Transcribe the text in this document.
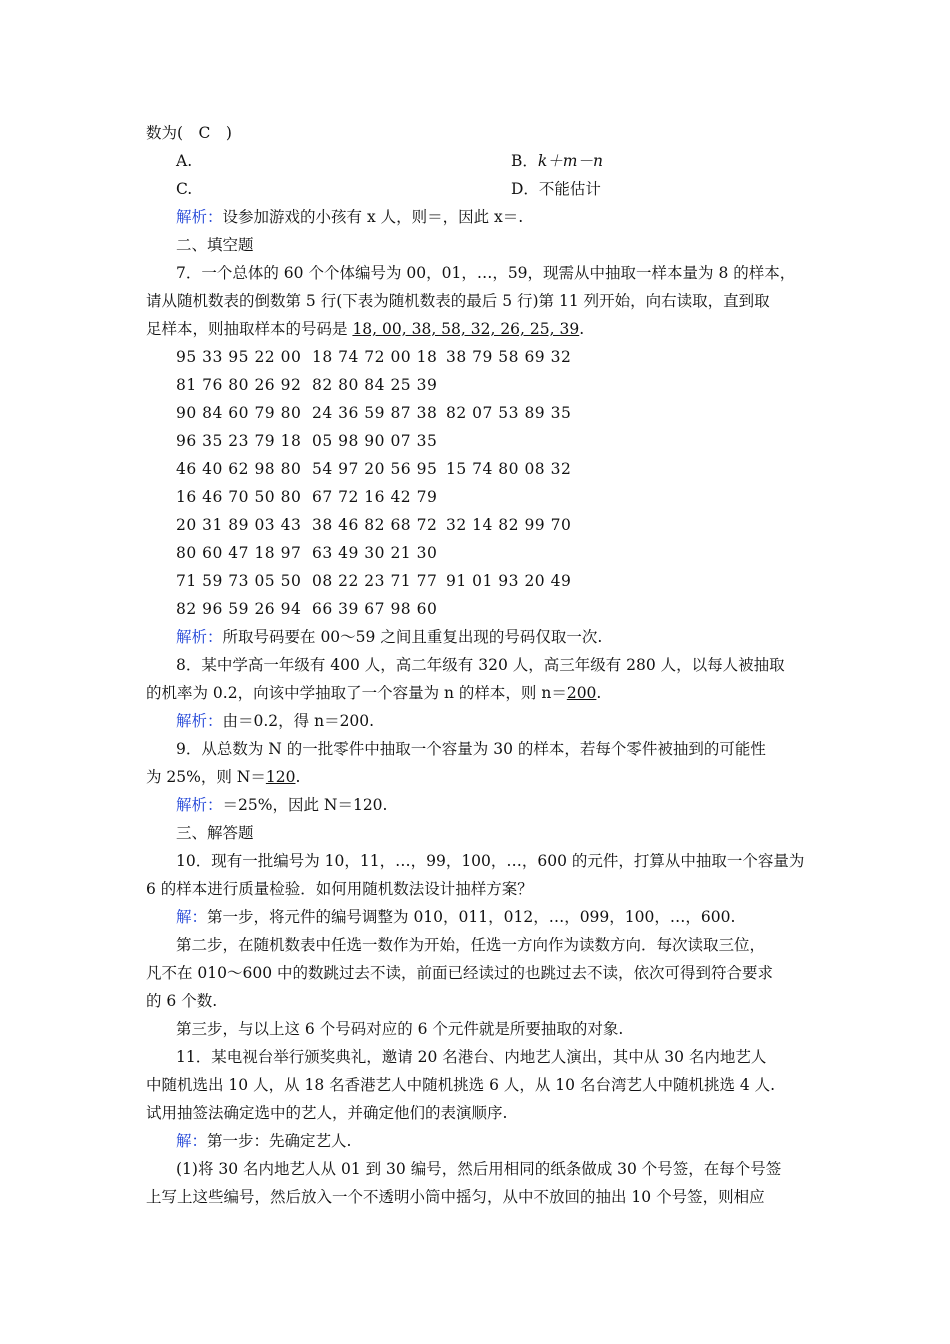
数为(　C　)
A.	B．k＋m－n
C.	D．不能估计
解析：设参加游戏的小孩有 x 人，则＝，因此 x＝.
二、填空题
7．一个总体的 60 个个体编号为 00，01，…，59，现需从中抽取一样本量为 8 的样本，
请从随机数表的倒数第 5 行(下表为随机数表的最后 5 行)第 11 列开始，向右读取，直到取
足样本，则抽取样本的号码是 18, 00, 38, 58, 32, 26, 25, 39.
95 33 95 22 00 18 74 72 00 18 38 79 58 69 32
81 76 80 26 92 82 80 84 25 39
90 84 60 79 80 24 36 59 87 38 82 07 53 89 35
96 35 23 79 18 05 98 90 07 35
46 40 62 98 80 54 97 20 56 95 15 74 80 08 32
16 46 70 50 80 67 72 16 42 79
20 31 89 03 43 38 46 82 68 72 32 14 82 99 70
80 60 47 18 97 63 49 30 21 30
71 59 73 05 50 08 22 23 71 77 91 01 93 20 49
82 96 59 26 94 66 39 67 98 60
解析：所取号码要在 00～59 之间且重复出现的号码仅取一次.
8．某中学高一年级有 400 人，高二年级有 320 人，高三年级有 280 人，以每人被抽取
的机率为 0.2，向该中学抽取了一个容量为 n 的样本，则 n＝200.
解析：由＝0.2，得 n＝200.
9．从总数为 N 的一批零件中抽取一个容量为 30 的样本，若每个零件被抽到的可能性
为 25%，则 N＝120.
解析：＝25%，因此 N＝120.
三、解答题
10．现有一批编号为 10，11，…，99，100，…，600 的元件，打算从中抽取一个容量为
6 的样本进行质量检验．如何用随机数法设计抽样方案？
解：第一步，将元件的编号调整为 010，011，012，…，099，100，…，600.
第二步，在随机数表中任选一数作为开始，任选一方向作为读数方向．每次读取三位，
凡不在 010～600 中的数跳过去不读，前面已经读过的也跳过去不读，依次可得到符合要求
的 6 个数.
第三步，与以上这 6 个号码对应的 6 个元件就是所要抽取的对象.
11．某电视台举行颁奖典礼，邀请 20 名港台、内地艺人演出，其中从 30 名内地艺人
中随机选出 10 人，从 18 名香港艺人中随机挑选 6 人，从 10 名台湾艺人中随机挑选 4 人.
试用抽签法确定选中的艺人，并确定他们的表演顺序.
解：第一步：先确定艺人.
(1)将 30 名内地艺人从 01 到 30 编号，然后用相同的纸条做成 30 个号签，在每个号签
上写上这些编号，然后放入一个不透明小筒中摇匀，从中不放回的抽出 10 个号签，则相应
